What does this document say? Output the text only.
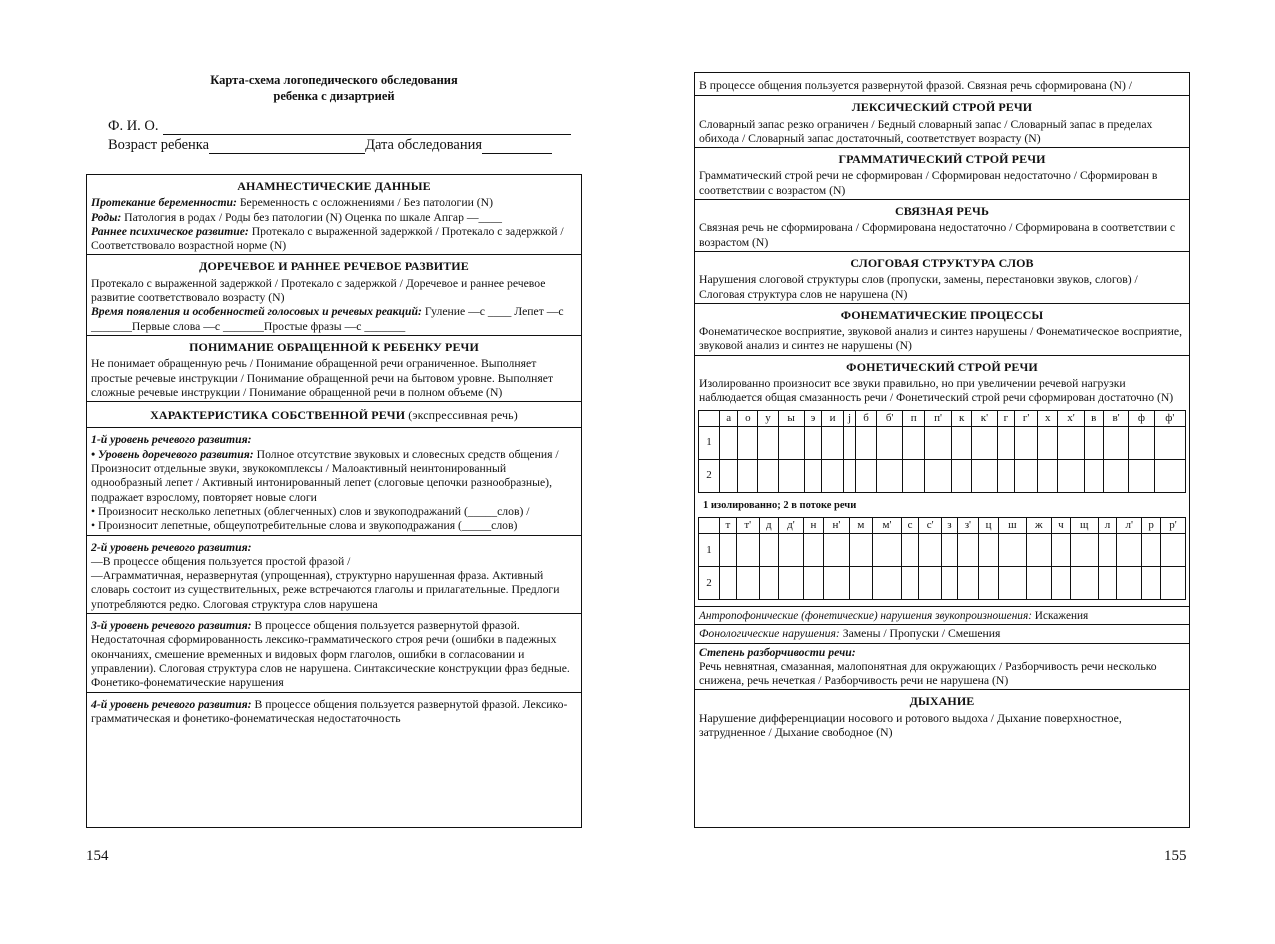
Карта-схема логопедического обследования
ребенка с дизартрией
Ф. И. О.
Возраст ребенка	Дата обследования
АНАМНЕСТИЧЕСКИЕ ДАННЫЕ
Протекание беременности: Беременность с осложнениями / Без патологии (N)
Роды: Патология в родах / Роды без патологии (N) Оценка по шкале Апгар —____
Раннее психическое развитие: Протекало с выраженной задержкой / Протекало с задержкой / Соответствовало возрастной норме (N)
ДОРЕЧЕВОЕ И РАННЕЕ РЕЧЕВОЕ РАЗВИТИЕ
Протекало с выраженной задержкой / Протекало с задержкой / Доречевое и раннее речевое развитие соответствовало возрасту (N)
Время появления и особенностей голосовых и речевых реакций: Гуление —с ____ Лепет —с _______Первые слова —с _______Простые фразы —с _______
ПОНИМАНИЕ ОБРАЩЕННОЙ К РЕБЕНКУ РЕЧИ
Не понимает обращенную речь / Понимание обращенной речи ограниченное. Выполняет простые речевые инструкции / Понимание обращенной речи на бытовом уровне. Выполняет сложные речевые инструкции / Понимание обращенной речи в полном объеме (N)
ХАРАКТЕРИСТИКА СОБСТВЕННОЙ РЕЧИ (экспрессивная речь)
1-й уровень речевого развития:
• Уровень доречевого развития: Полное отсутствие звуковых и словесных средств общения / Произносит отдельные звуки, звукокомплексы / Малоактивный неинтонированный однообразный лепет / Активный интонированный лепет (слоговые цепочки разнообразные), подражает взрослому, повторяет новые слоги
• Произносит несколько лепетных (облегченных) слов и звукоподражаний (_____слов) /
• Произносит лепетные, общеупотребительные слова и звукоподражания (_____слов)
2-й уровень речевого развития:
—В процессе общения пользуется простой фразой /
—Аграмматичная, неразвернутая (упрощенная), структурно нарушенная фраза. Активный словарь состоит из существительных, реже встречаются глаголы и прилагательные. Предлоги употребляются редко. Слоговая структура слов нарушена
3-й уровень речевого развития: В процессе общения пользуется развернутой фразой. Недостаточная сформированность лексико-грамматического строя речи (ошибки в падежных окончаниях, смешение временных и видовых форм глаголов, ошибки в согласовании и управлении). Слоговая структура слов не нарушена. Синтаксические конструкции фраз бедные. Фонетико-фонематические нарушения
4-й уровень речевого развития: В процессе общения пользуется развернутой фразой. Лексико-грамматическая и фонетико-фонематическая недостаточность
154
В процессе общения пользуется развернутой фразой. Связная речь сформирована (N) /
ЛЕКСИЧЕСКИЙ СТРОЙ РЕЧИ
Словарный запас резко ограничен / Бедный словарный запас / Словарный запас в пределах обихода / Словарный запас достаточный, соответствует возрасту (N)
ГРАММАТИЧЕСКИЙ СТРОЙ РЕЧИ
Грамматический строй речи не сформирован / Сформирован недостаточно / Сформирован в соответствии с возрастом (N)
СВЯЗНАЯ РЕЧЬ
Связная речь не сформирована / Сформирована недостаточно / Сформирована в соответствии с возрастом (N)
СЛОГОВАЯ СТРУКТУРА СЛОВ
Нарушения слоговой структуры слов (пропуски, замены, перестановки звуков, слогов) / Слоговая структура слов не нарушена (N)
ФОНЕМАТИЧЕСКИЕ ПРОЦЕССЫ
Фонематическое восприятие, звуковой анализ и синтез нарушены / Фонематическое восприятие, звуковой анализ и синтез не нарушены (N)
ФОНЕТИЧЕСКИЙ СТРОЙ РЕЧИ
Изолированно произносит все звуки правильно, но при увеличении речевой нагрузки наблюдается общая смазанность речи / Фонетический строй речи сформирован достаточно (N)
	а	о	у	ы	э	и	j	б	б'	п	п'	к	к'	г	г'	х	х'	в	в'	ф	ф'
1																					
2																					
1 изолированно; 2 в потоке речи
	т	т'	д	д'	н	н'	м	м'	с	с'	з	з'	ц	ш	ж	ч	щ	л	л'	р	р'
1																					
2																					
Антропофонические (фонетические) нарушения звукопроизношения: Искажения
Фонологические нарушения: Замены / Пропуски / Смешения
Степень разборчивости речи:
Речь невнятная, смазанная, малопонятная для окружающих / Разборчивость речи несколько снижена, речь нечеткая / Разборчивость речи не нарушена (N)
ДЫХАНИЕ
Нарушение дифференциации носового и ротового выдоха / Дыхание поверхностное, затрудненное / Дыхание свободное (N)
155
